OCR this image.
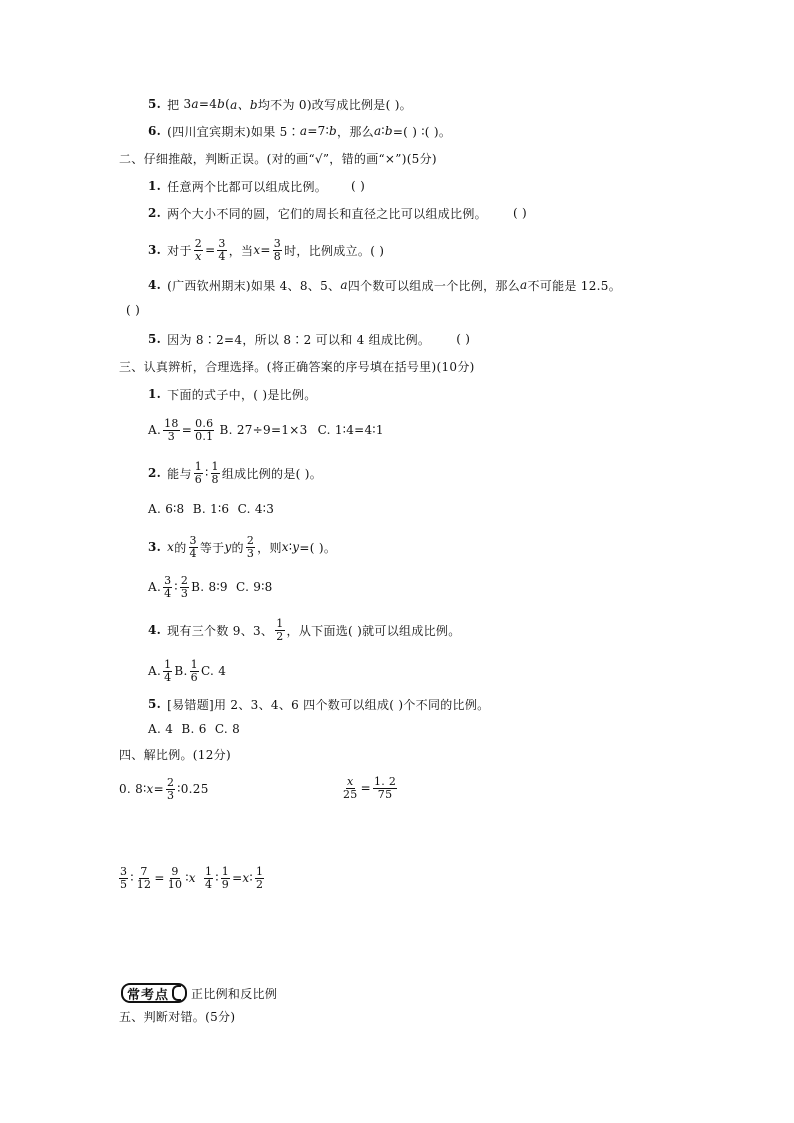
5. 把 3 a =4 b ( a、b 均不为 0)改写成比例是( )。
6. (四川宜宾期末)如果 5∶ a =7∶ b ，那么 a ∶ b =( ) ∶( )。
二、仔细推敲，判断正误。(对的画“√”，错的画“×”)(5分)
1. 任意两个比都可以组成比例。 ( )
2. 两个大小不同的圆，它们的周长和直径之比可以组成比例。 ( )
3. 对于 $\frac{2}{x} = \frac{3}{4}$ ，当 $x = \frac{3}{8}$ 时，比例成立。( )
4. (广西钦州期末)如果 4、8、5、 a 四个数可以组成一个比例，那么 a 不可能是 12.5。
( )
5. 因为 8∶2=4，所以 8∶2 可以和 4 组成比例。 ( )
三、认真辨析，合理选择。(将正确答案的序号填在括号里)(10分)
1. 下面的式子中，( )是比例。
A. $\frac{18}{3} = \frac{0.6}{0.1} B$. 27÷9=1×3 C. 1∶4=4∶1
2. 能与 $\frac{1}{6}$ ∶ $\frac{1}{8}$ 组成比例的是( )。
A. 6∶8  B. 1∶6  C. 4∶3
3. x 的 $\frac{3}{4}$ 等于 y 的 $\frac{2}{3}$ ，则 x ∶ y =( )。
A. $\frac{3}{4}$ ∶ $\frac{2}{3} B$. 8∶9  C. 9∶8
4. 现有三个数 9、3、 $\frac{1}{2}$ ，从下面选( )就可以组成比例。
A. $\frac{1}{4} B$. $\frac{1}{6} C$. 4
5. [易错题]用 2、3、4、6 四个数可以组成( )个不同的比例。
A. 4  B. 6  C. 8
四、解比例。(12分)
0. 8∶ $x = \frac{2}{3}$ ∶0.25	$\frac{x}{25} = \frac{1. 2}{75}$
$\frac{3}{5}$ ∶ $\frac{7}{12} = \frac{9}{10}$ ∶ x $\frac{1}{4}$ ∶ $\frac{1}{9} = x$ ∶ $\frac{1}{2}$
常考点 正比例和反比例
五、判断对错。(5分)
